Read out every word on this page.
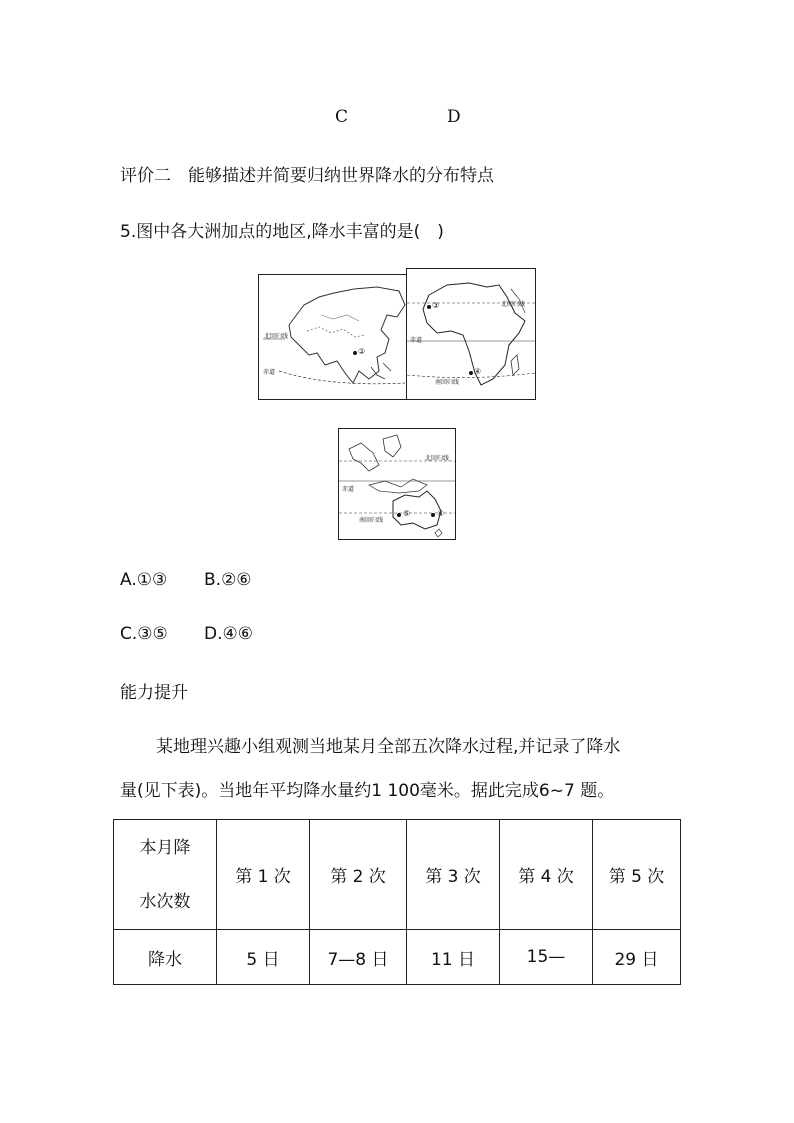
C	D
评价二　能够描述并简要归纳世界降水的分布特点
5.图中各大洲加点的地区,降水丰富的是(　)
北回归线
赤道
②
北回归线
赤道
南回归线
③
④
北回归线
赤道
南回归线
⑤	⑥
A.①③ B.②⑥
C.③⑤ D.④⑥
能力提升
某地理兴趣小组观测当地某月全部五次降水过程,并记录了降水
量(见下表)。当地年平均降水量约1 100毫米。据此完成6~7 题。
本月降
水次数	第 1 次	第 2 次	第 3 次	第 4 次	第 5 次
降水	5 日	7—8 日	11 日	15—	29 日
